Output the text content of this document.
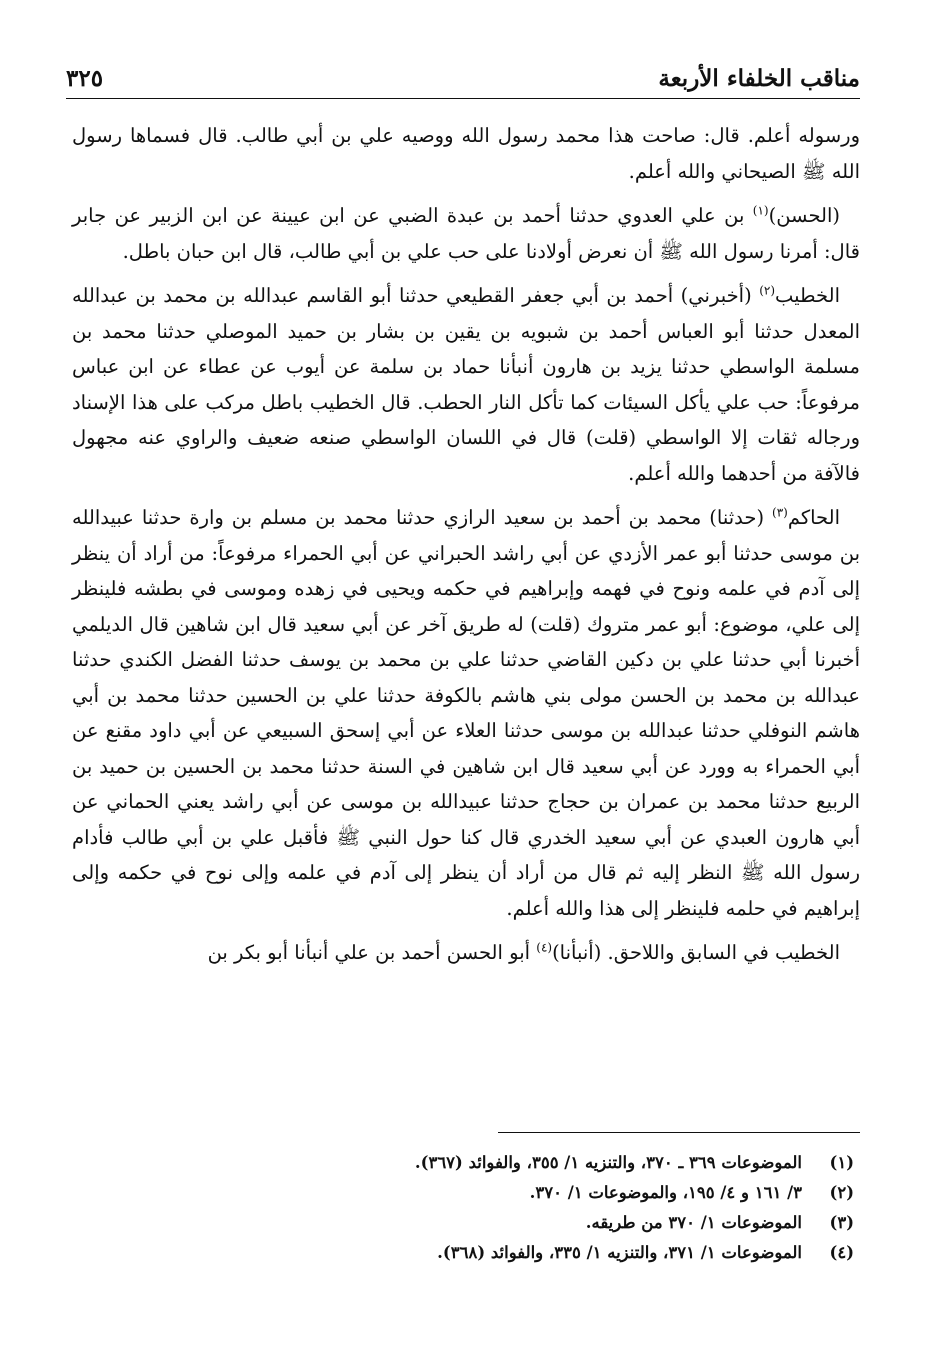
مناقب الخلفاء الأربعة
٣٢٥

ورسوله أعلم. قال: صاحت هذا محمد رسول الله ووصيه علي بن أبي طالب. قال فسماها رسول الله ﷺ الصيحاني والله أعلم.

(الحسن)$^{(١)}$ بن علي العدوي حدثنا أحمد بن عبدة الضبي عن ابن عيينة عن ابن الزبير عن جابر قال: أمرنا رسول الله ﷺ أن نعرض أولادنا على حب علي بن أبي طالب، قال ابن حبان باطل.

الخطيب$^{(٢)}$ (أخبرني) أحمد بن أبي جعفر القطيعي حدثنا أبو القاسم عبدالله بن محمد بن عبدالله المعدل حدثنا أبو العباس أحمد بن شبويه بن يقين بن بشار بن حميد الموصلي حدثنا محمد بن مسلمة الواسطي حدثنا يزيد بن هارون أنبأنا حماد بن سلمة عن أيوب عن عطاء عن ابن عباس مرفوعاً: حب علي يأكل السيئات كما تأكل النار الحطب. قال الخطيب باطل مركب على هذا الإسناد ورجاله ثقات إلا الواسطي (قلت) قال في اللسان الواسطي صنعه ضعيف والراوي عنه مجهول فالآفة من أحدهما والله أعلم.

الحاكم$^{(٣)}$ (حدثنا) محمد بن أحمد بن سعيد الرازي حدثنا محمد بن مسلم بن وارة حدثنا عبيدالله بن موسى حدثنا أبو عمر الأزدي عن أبي راشد الحبراني عن أبي الحمراء مرفوعاً: من أراد أن ينظر إلى آدم في علمه ونوح في فهمه وإبراهيم في حكمه ويحيى في زهده وموسى في بطشه فلينظر إلى علي، موضوع: أبو عمر متروك (قلت) له طريق آخر عن أبي سعيد قال ابن شاهين قال الديلمي أخبرنا أبي حدثنا علي بن دكين القاضي حدثنا علي بن محمد بن يوسف حدثنا الفضل الكندي حدثنا عبدالله بن محمد بن الحسن مولى بني هاشم بالكوفة حدثنا علي بن الحسين حدثنا محمد بن أبي هاشم النوفلي حدثنا عبدالله بن موسى حدثنا العلاء عن أبي إسحق السبيعي عن أبي داود مقنع عن أبي الحمراء به وورد عن أبي سعيد قال ابن شاهين في السنة حدثنا محمد بن الحسين بن حميد بن الربيع حدثنا محمد بن عمران بن حجاج حدثنا عبيدالله بن موسى عن أبي راشد يعني الحماني عن أبي هارون العبدي عن أبي سعيد الخدري قال كنا حول النبي ﷺ فأقبل علي بن أبي طالب فأدام رسول الله ﷺ النظر إليه ثم قال من أراد أن ينظر إلى آدم في علمه وإلى نوح في حكمه وإلى إبراهيم في حلمه فلينظر إلى هذا والله أعلم.

الخطيب في السابق واللاحق. (أنبأنا)$^{(٤)}$ أبو الحسن أحمد بن علي أنبأنا أبو بكر بن

(١)
الموضوعات ٣٦٩ ـ ٣٧٠، والتنزيه ١/ ٣٥٥، والفوائد (٣٦٧).
(٢)
٣/ ١٦١ و ٤/ ١٩٥، والموضوعات ١/ ٣٧٠.
(٣)
الموضوعات ١/ ٣٧٠ من طريقه.
(٤)
الموضوعات ١/ ٣٧١، والتنزيه ١/ ٣٣٥، والفوائد (٣٦٨).
